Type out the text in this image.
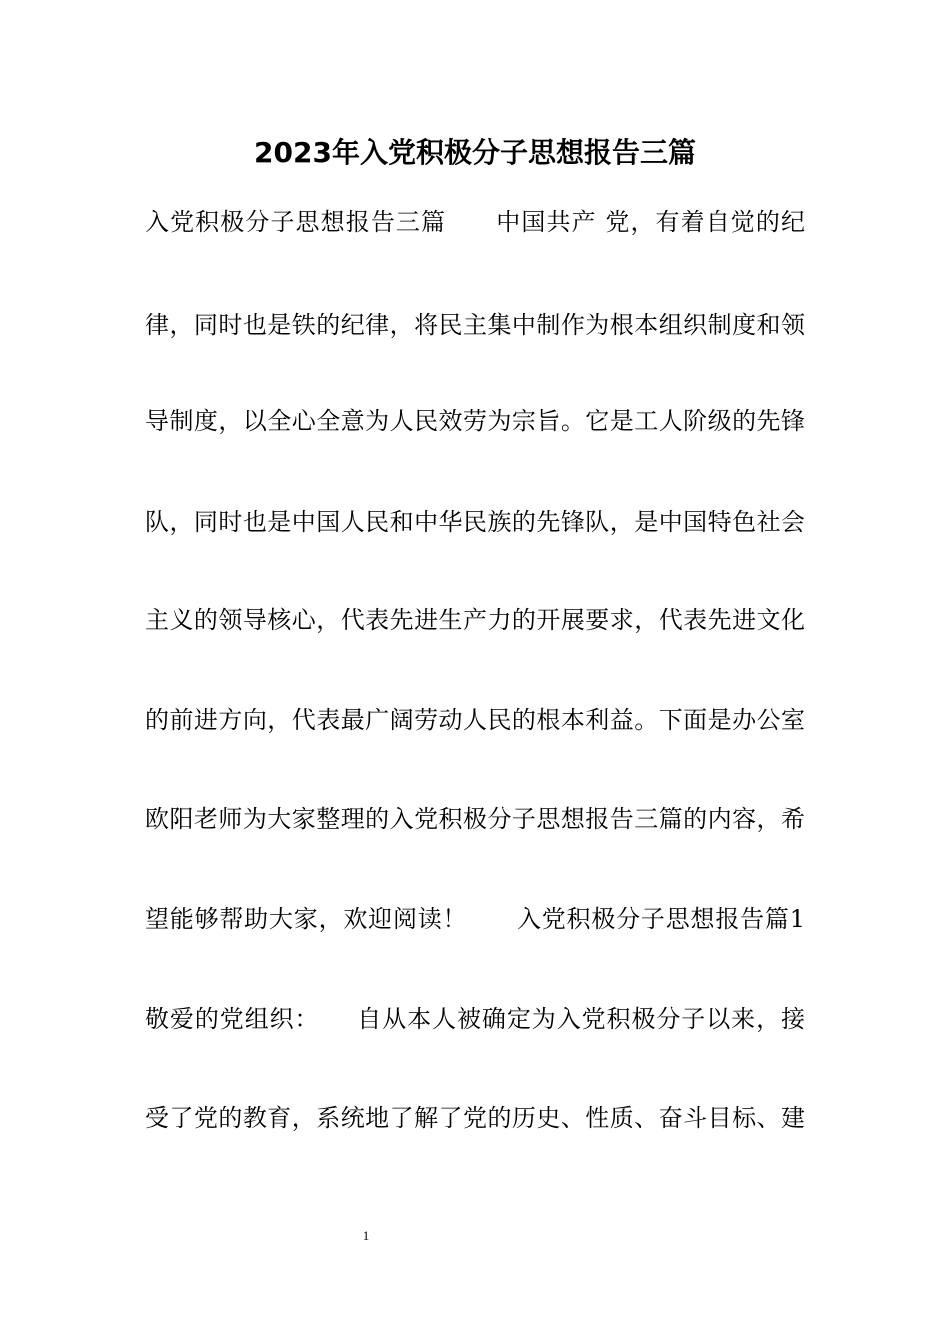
2023年入党积极分子思想报告三篇
入党积极分子思想报告三篇　　中国共产 党，有着自觉的纪
律，同时也是铁的纪律，将民主集中制作为根本组织制度和领
导制度，以全心全意为人民效劳为宗旨。它是工人阶级的先锋
队，同时也是中国人民和中华民族的先锋队，是中国特色社会
主义的领导核心，代表先进生产力的开展要求，代表先进文化
的前进方向，代表最广阔劳动人民的根本利益。下面是办公室
欧阳老师为大家整理的入党积极分子思想报告三篇的内容，希
望能够帮助大家，欢迎阅读！　　入党积极分子思想报告篇1
敬爱的党组织：　　自从本人被确定为入党积极分子以来，接
受了党的教育，系统地了解了党的历史、性质、奋斗目标、建
1
